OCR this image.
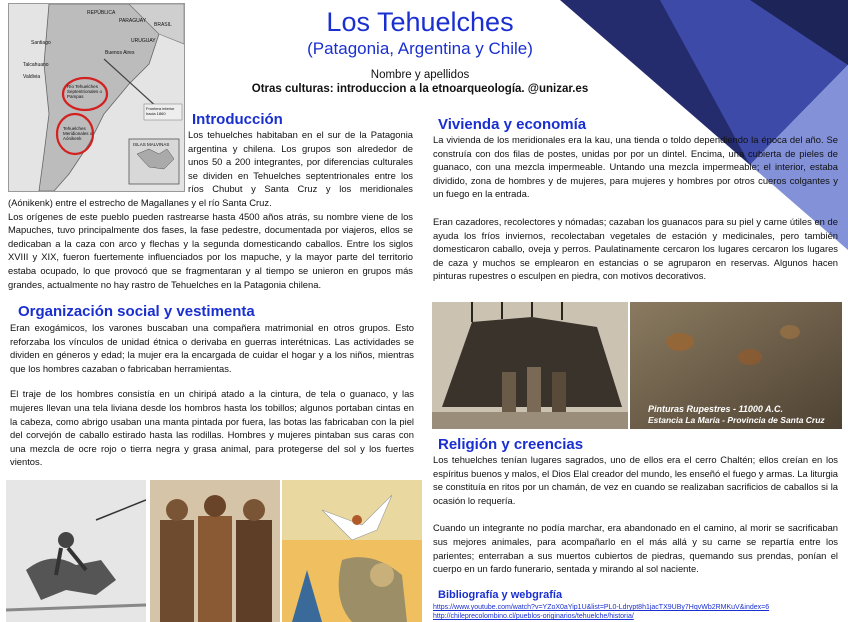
Los Tehuelches
(Patagonia, Argentina y Chile)
Nombre y apellidos
Otras culturas: introduccion a la etnoarqueología. @unizar.es
REPÚBLICA
PARAGUAY
BRASIL
URUGUAY
Santiago
Buenos Aires
Talcahuano
Valdivia
Río Tehuelches Septentrionales o Pampas
Tehuelches Meridionales o Aónikenk
Frontera interior hacia 1860
ISLAS MALVINAS
Introducción

Los tehuelches habitaban en el sur de la Patagonia argentina y chilena. Los grupos son alrededor de unos 50 a 200 integrantes, por diferencias culturales se dividen en Tehuelches septentrionales entre los ríos Chubut y Santa Cruz y los meridionales (Aónikenk) entre el estrecho de Magallanes y el río Santa Cruz.

Los orígenes de este pueblo pueden rastrearse hasta 4500 años atrás, su nombre viene de los Mapuches, tuvo principalmente dos fases, la fase pedestre, documentada por viajeros, ellos se dedicaban a la caza con arco y flechas y la segunda domesticando caballos. Entre los siglos XVIII y XIX, fueron fuertemente influenciados por los mapuche, y la mayor parte del territorio estaba ocupado, lo que provocó que se fragmentaran y al tiempo se unieron en grupos más grandes, actualmente no hay rastro de Tehuelches en la Patagonia chilena.

Organización social y vestimenta

Eran exogámicos, los varones buscaban una compañera matrimonial en otros grupos. Esto reforzaba los vínculos de unidad étnica o derivaba en guerras interétnicas. Las actividades se dividen en géneros y edad; la mujer era la encargada de cuidar el hogar y a los niños, mientras que los hombres cazaban o fabricaban herramientas.

El traje de los hombres consistía en un chiripá atado a la cintura, de tela o guanaco, y las mujeres llevan una tela liviana desde los hombros hasta los tobillos; algunos portaban cintas en la cabeza, como abrigo usaban una manta pintada por fuera, las botas las fabricaban con la piel del corvejón de caballo estirado hasta las rodillas. Hombres y mujeres pintaban sus caras con una mezcla de ocre rojo o tierra negra y grasa animal, para protegerse del sol y los fuertes vientos.

Vivienda y economía

La vivienda de los meridionales era la kau, una tienda o toldo dependiendo la época del año. Se construía con dos filas de postes, unidas por por un dintel. Encima, una cubierta de pieles de guanaco, con una mezcla impermeable. Untando una mezcla impermeable; el interior, estaba dividido, zona de hombres y de mujeres, para mujeres y hombres por otros cueros colgantes y un fuego en la entrada.

Eran cazadores, recolectores y nómadas; cazaban los guanacos para su piel y carne útiles en de ayuda los fríos inviernos, recolectaban vegetales de estación y medicinales, pero también domesticaron caballo, oveja y perros. Paulatinamente cercaron los lugares cercaron los lugares de caza y muchos se emplearon en estancias o se agruparon en reservas. Algunos hacen pinturas rupestres o esculpen en piedra, con motivos decorativos.

Pinturas Rupestres - 11000 A.C.
Estancia La María - Provincia de Santa Cruz
Religión y creencias

Los tehuelches tenían lugares sagrados, uno de ellos era el cerro Chaltén; ellos creían en los espíritus buenos y malos, el Dios Elal creador del mundo, les enseñó el fuego y armas. La liturgia se constituía en ritos por un chamán, de vez en cuando se realizaban sacrificios de caballos si la ocasión lo requería.

Cuando un integrante no podía marchar, era abandonado en el camino, al morir se sacrificaban sus mejores animales, para acompañarlo en el más allá y su carne se repartía entre los parientes; enterraban a sus muertos cubiertos de piedras, quemando sus prendas, ponían el cuerpo en un fardo funerario, sentada y mirando al sol naciente.

Bibliografía y webgrafía
https://www.youtube.com/watch?v=YZoX0aYip1U&list=PL0-Ldrypt8h1jacTX9UBy7HqvWb2RMKuV&index=6
http://chileprecolombino.cl/pueblos-originarios/tehuelche/historia/
